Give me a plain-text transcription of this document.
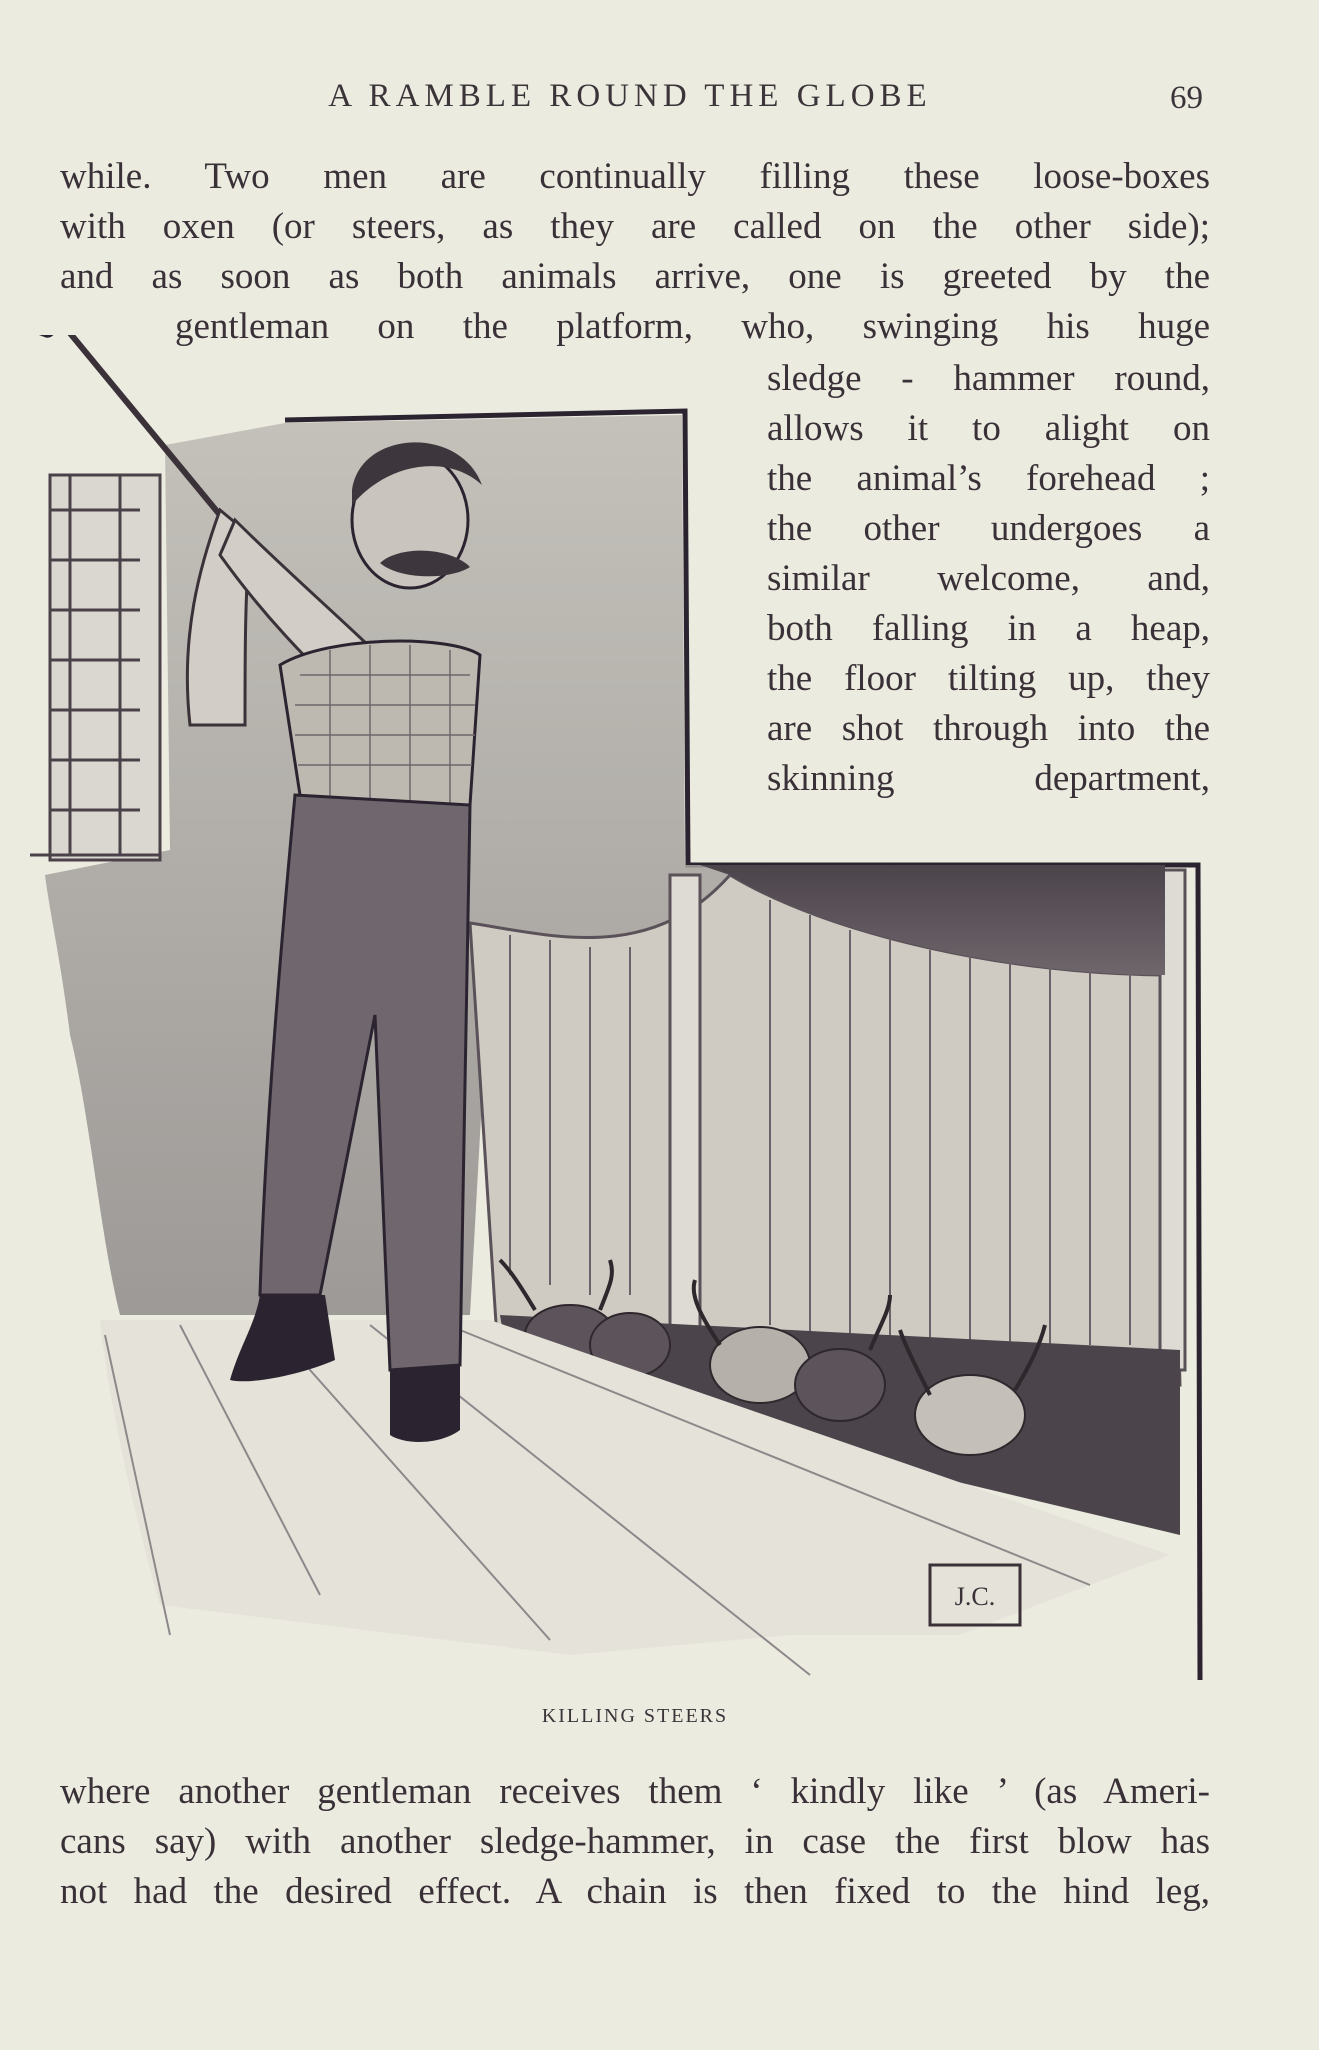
A RAMBLE ROUND THE GLOBE	69
while. Two men are continually filling these loose-boxes
with oxen (or steers, as they are called on the other side);
and as soon as both animals arrive, one is greeted by the
gentleman on the platform, who, swinging his huge
J.C.
sledge - hammer round,
allows it to alight on
the animal’s forehead ;
the other undergoes a
similar welcome, and,
both falling in a heap,
the floor tilting up, they
are shot through into the
skinning department,
KILLING STEERS
where another gentleman receives them ‘ kindly like ’ (as Ameri-
cans say) with another sledge-hammer, in case the first blow has
not had the desired effect. A chain is then fixed to the hind leg,
